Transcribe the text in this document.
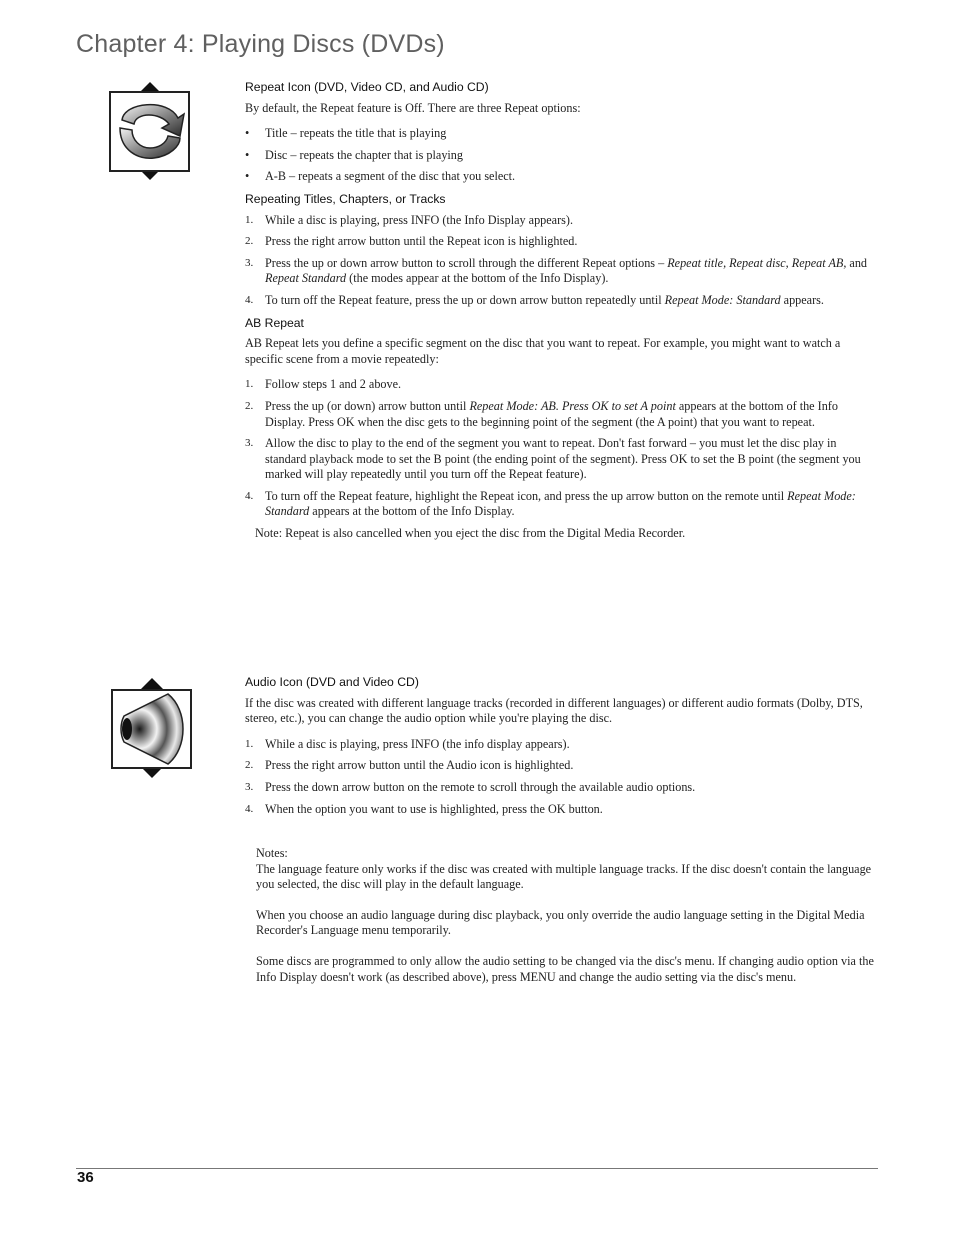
Chapter 4: Playing Discs (DVDs)
Repeat Icon (DVD, Video CD, and Audio CD)

By default, the Repeat feature is Off. There are three Repeat options:

• Title – repeats the title that is playing
• Disc – repeats the chapter that is playing
• A-B – repeats a segment of the disc that you select.
Repeating Titles, Chapters, or Tracks
1. While a disc is playing, press INFO (the Info Display appears).
2. Press the right arrow button until the Repeat icon is highlighted.
3. Press the up or down arrow button to scroll through the different Repeat options – Repeat title, Repeat disc, Repeat AB, and Repeat Standard (the modes appear at the bottom of the Info Display).
4. To turn off the Repeat feature, press the up or down arrow button repeatedly until Repeat Mode: Standard appears.
AB Repeat

AB Repeat lets you define a specific segment on the disc that you want to repeat. For example, you might want to watch a specific scene from a movie repeatedly:

1. Follow steps 1 and 2 above.
2. Press the up (or down) arrow button until Repeat Mode: AB. Press OK to set A point appears at the bottom of the Info Display. Press OK when the disc gets to the beginning point of the segment (the A point) that you want to repeat.
3. Allow the disc to play to the end of the segment you want to repeat. Don't fast forward – you must let the disc play in standard playback mode to set the B point (the ending point of the segment). Press OK to set the B point (the segment you marked will play repeatedly until you turn off the Repeat feature).
4. To turn off the Repeat feature, highlight the Repeat icon, and press the up arrow button on the remote until Repeat Mode: Standard appears at the bottom of the Info Display.

Note: Repeat is also cancelled when you eject the disc from the Digital Media Recorder.

Audio Icon (DVD and Video CD)

If the disc was created with different language tracks (recorded in different languages) or different audio formats (Dolby, DTS, stereo, etc.), you can change the audio option while you're playing the disc.

1. While a disc is playing, press INFO (the info display appears).
2. Press the right arrow button until the Audio icon is highlighted.
3. Press the down arrow button on the remote to scroll through the available audio options.
4. When the option you want to use is highlighted, press the OK button.

Notes:

The language feature only works if the disc was created with multiple language tracks. If the disc doesn't contain the language you selected, the disc will play in the default language.

When you choose an audio language during disc playback, you only override the audio language setting in the Digital Media Recorder's Language menu temporarily.

Some discs are programmed to only allow the audio setting to be changed via the disc's menu. If changing audio option via the Info Display doesn't work (as described above), press MENU and change the audio setting via the disc's menu.

36
